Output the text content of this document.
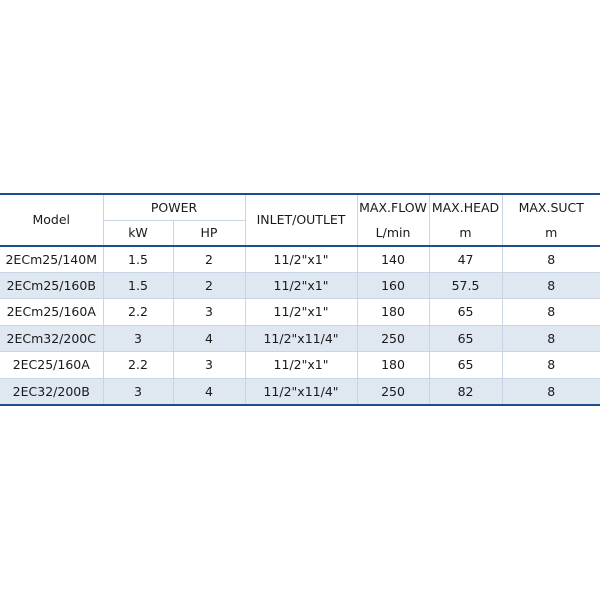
Model	POWER		INLET/OUTLET	MAX.FLOW	MAX.HEAD	MAX.SUCT
	kW	HP		L/min	m	m
2ECm25/140M	1.5	2	11/2"x1"	140	47	8
2ECm25/160B	1.5	2	11/2"x1"	160	57.5	8
2ECm25/160A	2.2	3	11/2"x1"	180	65	8
2ECm32/200C	3	4	11/2"x11/4"	250	65	8
2EC25/160A	2.2	3	11/2"x1"	180	65	8
2EC32/200B	3	4	11/2"x11/4"	250	82	8
